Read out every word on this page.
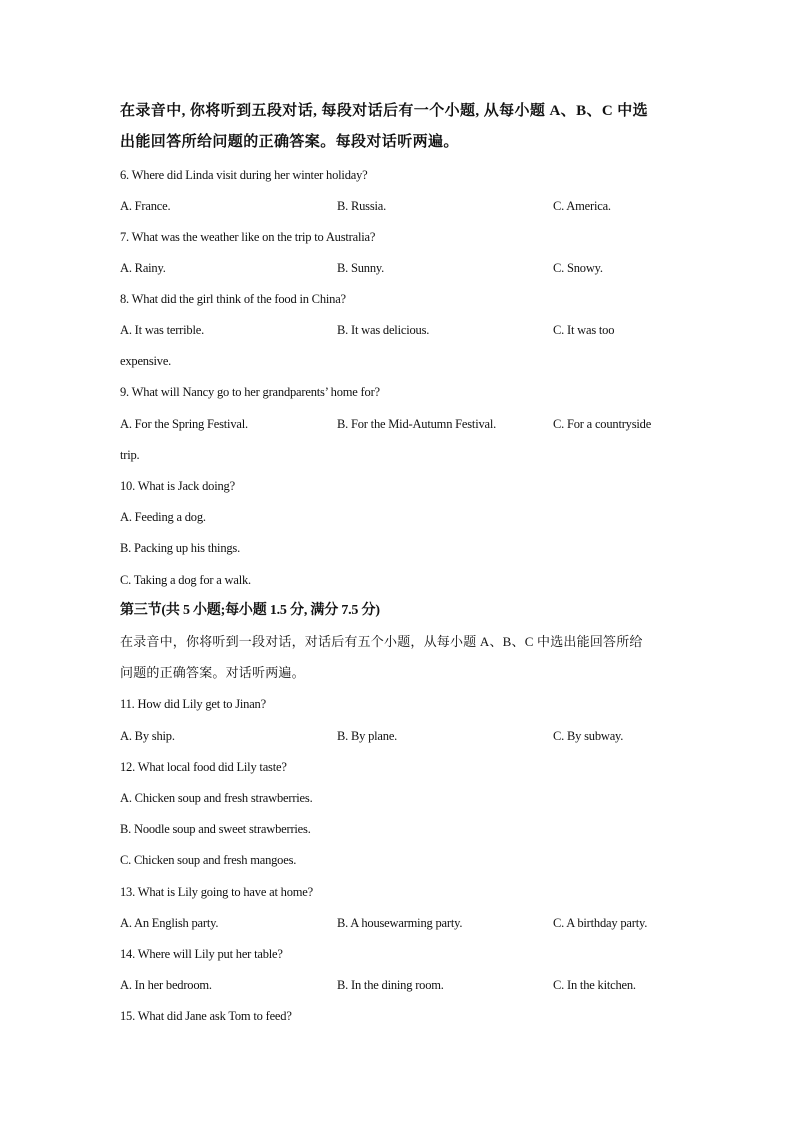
在录音中, 你将听到五段对话, 每段对话后有一个小题, 从每小题 A、B、C 中选
出能回答所给问题的正确答案。每段对话听两遍。
6. Where did Linda visit during her winter holiday?
A. France.	B. Russia.	C. America.
7. What was the weather like on the trip to Australia?
A. Rainy.	B. Sunny.	C. Snowy.
8. What did the girl think of the food in China?
A. It was terrible.	B. It was delicious.	C. It was too
expensive.
9. What will Nancy go to her grandparents’ home for?
A. For the Spring Festival.	B. For the Mid-Autumn Festival.	C. For a countryside
trip.
10. What is Jack doing?
A. Feeding a dog.
B. Packing up his things.
C. Taking a dog for a walk.
第三节(共 5 小题;每小题 1.5 分, 满分 7.5 分)
在录音中，你将听到一段对话，对话后有五个小题，从每小题 A、B、C 中选出能回答所给
问题的正确答案。对话听两遍。
11. How did Lily get to Jinan?
A. By ship.	B. By plane.	C. By subway.
12. What local food did Lily taste?
A. Chicken soup and fresh strawberries.
B. Noodle soup and sweet strawberries.
C. Chicken soup and fresh mangoes.
13. What is Lily going to have at home?
A. An English party.	B. A housewarming party.	C. A birthday party.
14. Where will Lily put her table?
A. In her bedroom.	B. In the dining room.	C. In the kitchen.
15. What did Jane ask Tom to feed?
